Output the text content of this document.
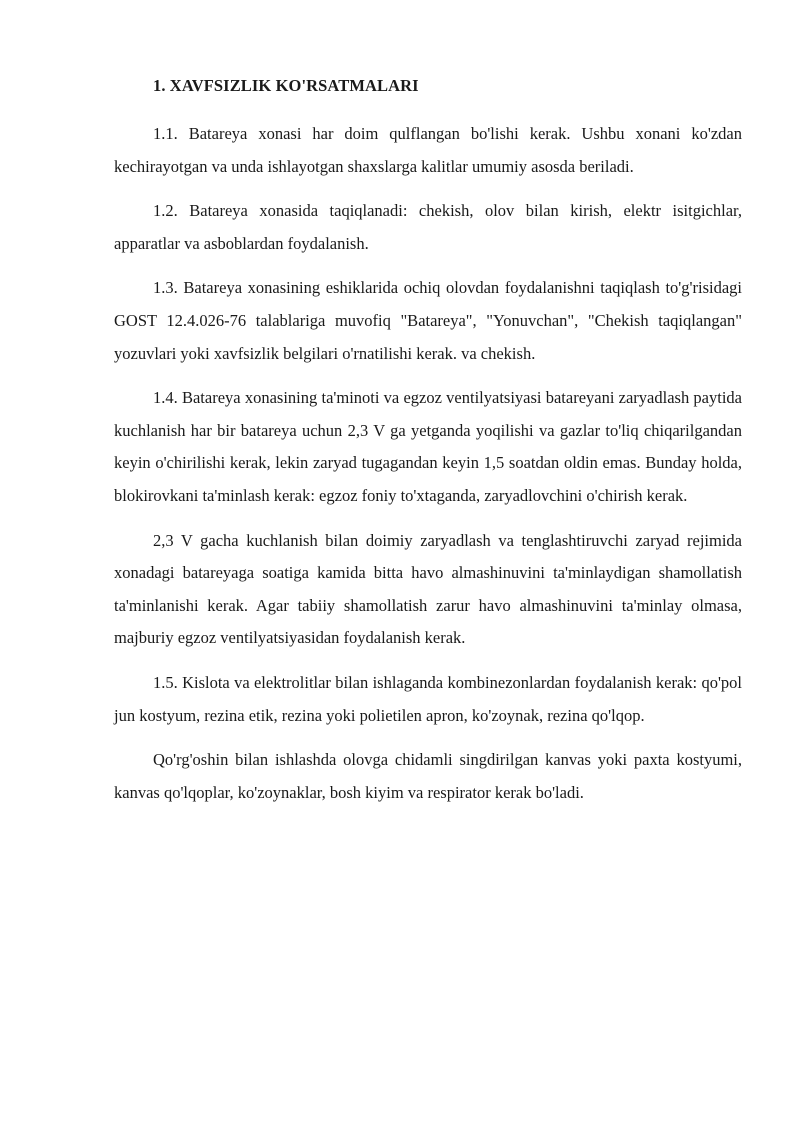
1. XAVFSIZLIK KO'RSATMALARI

1.1. Batareya xonasi har doim qulflangan bo'lishi kerak. Ushbu xonani ko'zdan kechirayotgan va unda ishlayotgan shaxslarga kalitlar umumiy asosda beriladi.

1.2. Batareya xonasida taqiqlanadi: chekish, olov bilan kirish, elektr isitgichlar, apparatlar va asboblardan foydalanish.

1.3. Batareya xonasining eshiklarida ochiq olovdan foydalanishni taqiqlash to'g'risidagi GOST 12.4.026-76 talablariga muvofiq "Batareya", "Yonuvchan", "Chekish taqiqlangan" yozuvlari yoki xavfsizlik belgilari o'rnatilishi kerak. va chekish.

1.4. Batareya xonasining ta'minoti va egzoz ventilyatsiyasi batareyani zaryadlash paytida kuchlanish har bir batareya uchun 2,3 V ga yetganda yoqilishi va gazlar to'liq chiqarilgandan keyin o'chirilishi kerak, lekin zaryad tugagandan keyin 1,5 soatdan oldin emas. Bunday holda, blokirovkani ta'minlash kerak: egzoz foniy to'xtaganda, zaryadlovchini o'chirish kerak.

2,3 V gacha kuchlanish bilan doimiy zaryadlash va tenglashtiruvchi zaryad rejimida xonadagi batareyaga soatiga kamida bitta havo almashinuvini ta'minlaydigan shamollatish ta'minlanishi kerak. Agar tabiiy shamollatish zarur havo almashinuvini ta'minlay olmasa, majburiy egzoz ventilyatsiyasidan foydalanish kerak.

1.5. Kislota va elektrolitlar bilan ishlaganda kombinezonlardan foydalanish kerak: qo'pol jun kostyum, rezina etik, rezina yoki polietilen apron, ko'zoynak, rezina qo'lqop.

Qo'rg'oshin bilan ishlashda olovga chidamli singdirilgan kanvas yoki paxta kostyumi, kanvas qo'lqoplar, ko'zoynaklar, bosh kiyim va respirator kerak bo'ladi.
